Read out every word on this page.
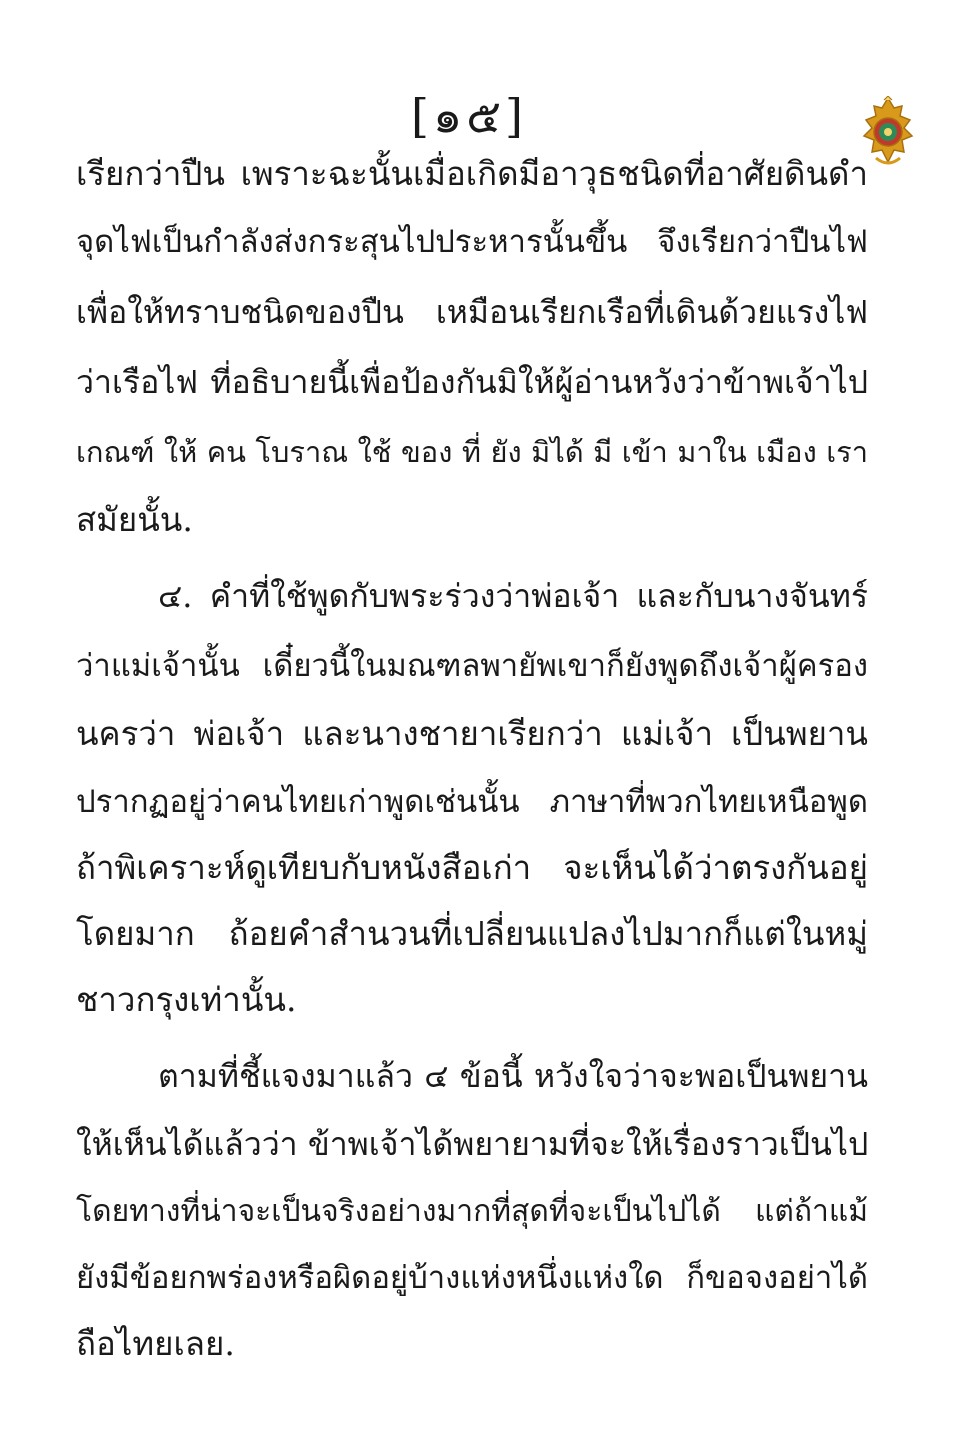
[๑๕]
เรียกว่าปืน เพราะฉะนั้นเมื่อเกิดมีอาวุธชนิดที่อาศัยดินดำ
จุดไฟเป็นกำลังส่งกระสุนไปประหารนั้นขึ้น จึงเรียกว่าปืนไฟ
เพื่อให้ทราบชนิดของปืน เหมือนเรียกเรือที่เดินด้วยแรงไฟ
ว่าเรือไฟ ที่อธิบายนี้เพื่อป้องกันมิให้ผู้อ่านหวังว่าข้าพเจ้าไป
เกณฑ์ ให้ คน โบราณ ใช้ ของ ที่ ยัง มิได้ มี เข้า มาใน เมือง เรา
สมัยนั้น.
๔. คำที่ใช้พูดกับพระร่วงว่าพ่อเจ้า และกับนางจันทร์
ว่าแม่เจ้านั้น เดี๋ยวนี้ในมณฑลพายัพเขาก็ยังพูดถึงเจ้าผู้ครอง
นครว่า พ่อเจ้า และนางชายาเรียกว่า แม่เจ้า เป็นพยาน
ปรากฏอยู่ว่าคนไทยเก่าพูดเช่นนั้น ภาษาที่พวกไทยเหนือพูด
ถ้าพิเคราะห์ดูเทียบกับหนังสือเก่า จะเห็นได้ว่าตรงกันอยู่
โดยมาก ถ้อยคำสำนวนที่เปลี่ยนแปลงไปมากก็แต่ในหมู่
ชาวกรุงเท่านั้น.
ตามที่ชี้แจงมาแล้ว ๔ ข้อนี้ หวังใจว่าจะพอเป็นพยาน
ให้เห็นได้แล้วว่า ข้าพเจ้าได้พยายามที่จะให้เรื่องราวเป็นไป
โดยทางที่น่าจะเป็นจริงอย่างมากที่สุดที่จะเป็นไปได้ แต่ถ้าแม้
ยังมีข้อยกพร่องหรือผิดอยู่บ้างแห่งหนึ่งแห่งใด ก็ขอจงอย่าได้
ถือไทยเลย.
